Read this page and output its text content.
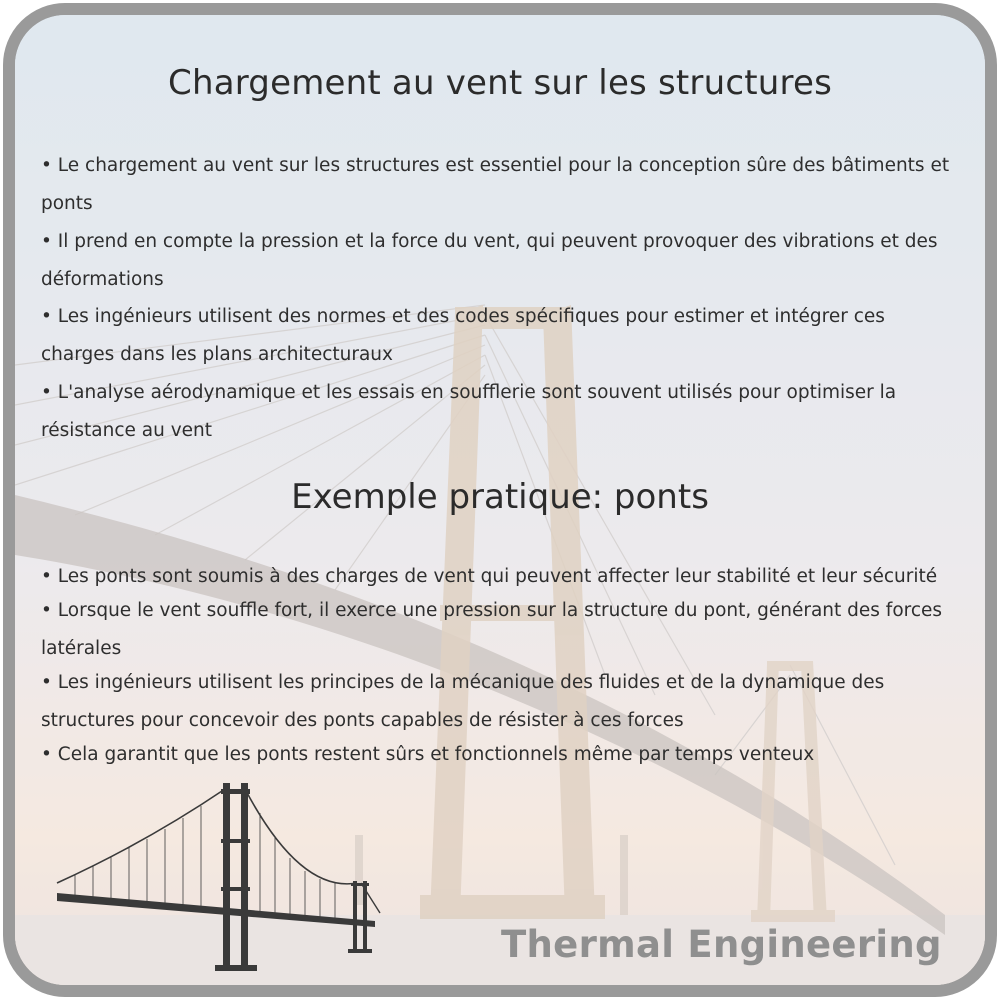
Chargement au vent sur les structures
• Le chargement au vent sur les structures est essentiel pour la conception sûre des bâtiments et ponts
• Il prend en compte la pression et la force du vent, qui peuvent provoquer des vibrations et des déformations
• Les ingénieurs utilisent des normes et des codes spécifiques pour estimer et intégrer ces charges dans les plans architecturaux
• L'analyse aérodynamique et les essais en soufflerie sont souvent utilisés pour optimiser la résistance au vent
Exemple pratique: ponts
• Les ponts sont soumis à des charges de vent qui peuvent affecter leur stabilité et leur sécurité
• Lorsque le vent souffle fort, il exerce une pression sur la structure du pont, générant des forces latérales
• Les ingénieurs utilisent les principes de la mécanique des fluides et de la dynamique des structures pour concevoir des ponts capables de résister à ces forces
• Cela garantit que les ponts restent sûrs et fonctionnels même par temps venteux
Thermal Engineering
